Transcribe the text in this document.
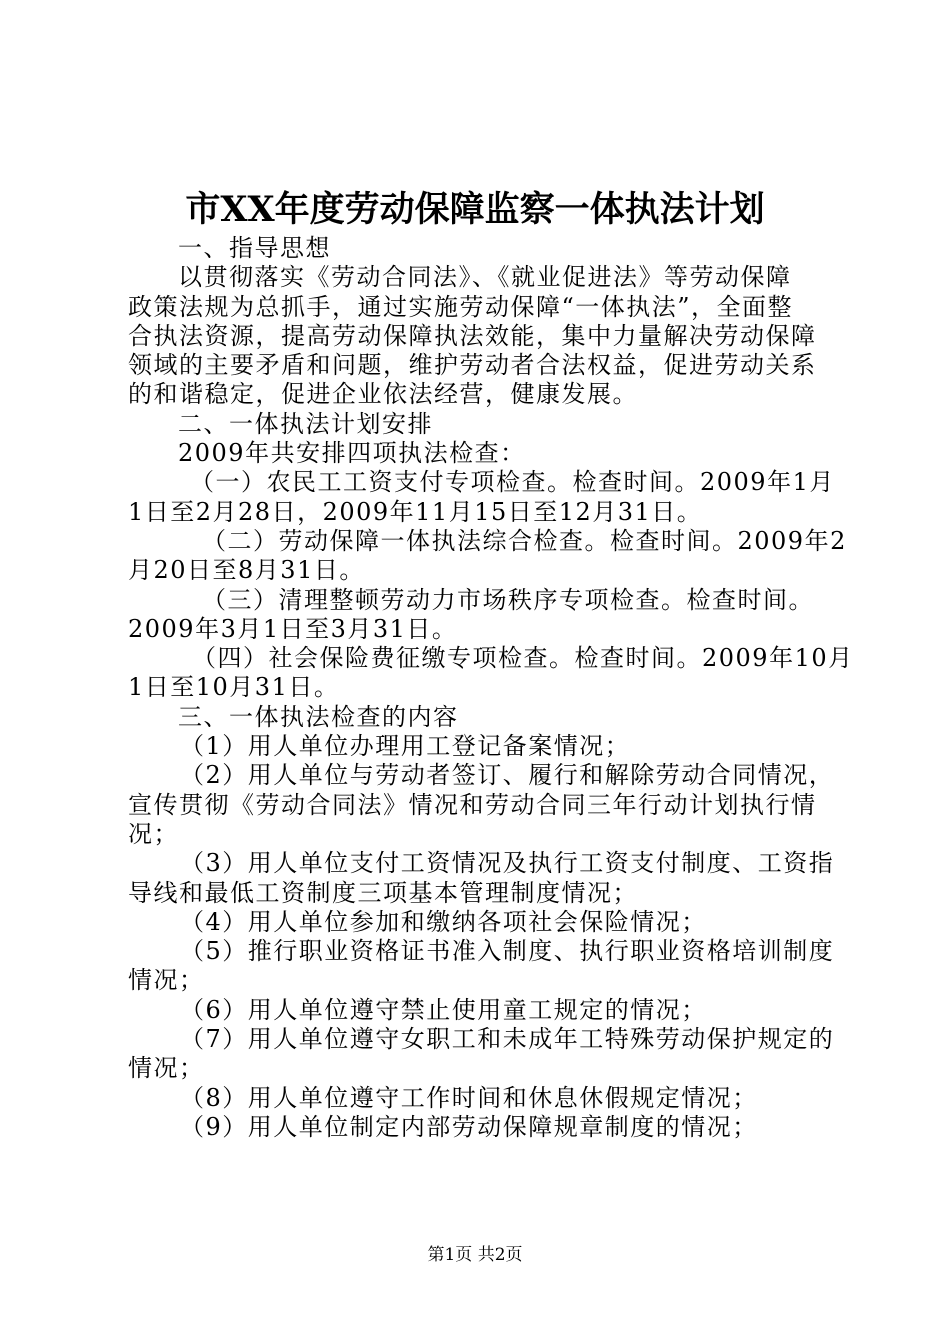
市XX年度劳动保障监察一体执法计划
一、指导思想
以贯彻落实《劳动合同法》、《就业促进法》等劳动保障
政策法规为总抓手，通过实施劳动保障“一体执法”，全面整
合执法资源，提高劳动保障执法效能，集中力量解决劳动保障
领域的主要矛盾和问题，维护劳动者合法权益，促进劳动关系
的和谐稳定，促进企业依法经营，健康发展。
二、一体执法计划安排
2009年共安排四项执法检查：
（一）农民工工资支付专项检查。检查时间。2009年1月
1日至2月28日，2009年11月15日至12月31日。
（二）劳动保障一体执法综合检查。检查时间。2009年2
月20日至8月31日。
（三）清理整顿劳动力市场秩序专项检查。检查时间。
2009年3月1日至3月31日。
（四）社会保险费征缴专项检查。检查时间。2009年10月
1日至10月31日。
三、一体执法检查的内容
（1）用人单位办理用工登记备案情况；
（2）用人单位与劳动者签订、履行和解除劳动合同情况，
宣传贯彻《劳动合同法》情况和劳动合同三年行动计划执行情
况；
（3）用人单位支付工资情况及执行工资支付制度、工资指
导线和最低工资制度三项基本管理制度情况；
（4）用人单位参加和缴纳各项社会保险情况；
（5）推行职业资格证书准入制度、执行职业资格培训制度
情况；
（6）用人单位遵守禁止使用童工规定的情况；
（7）用人单位遵守女职工和未成年工特殊劳动保护规定的
情况；
（8）用人单位遵守工作时间和休息休假规定情况；
（9）用人单位制定内部劳动保障规章制度的情况；
第1页 共2页
